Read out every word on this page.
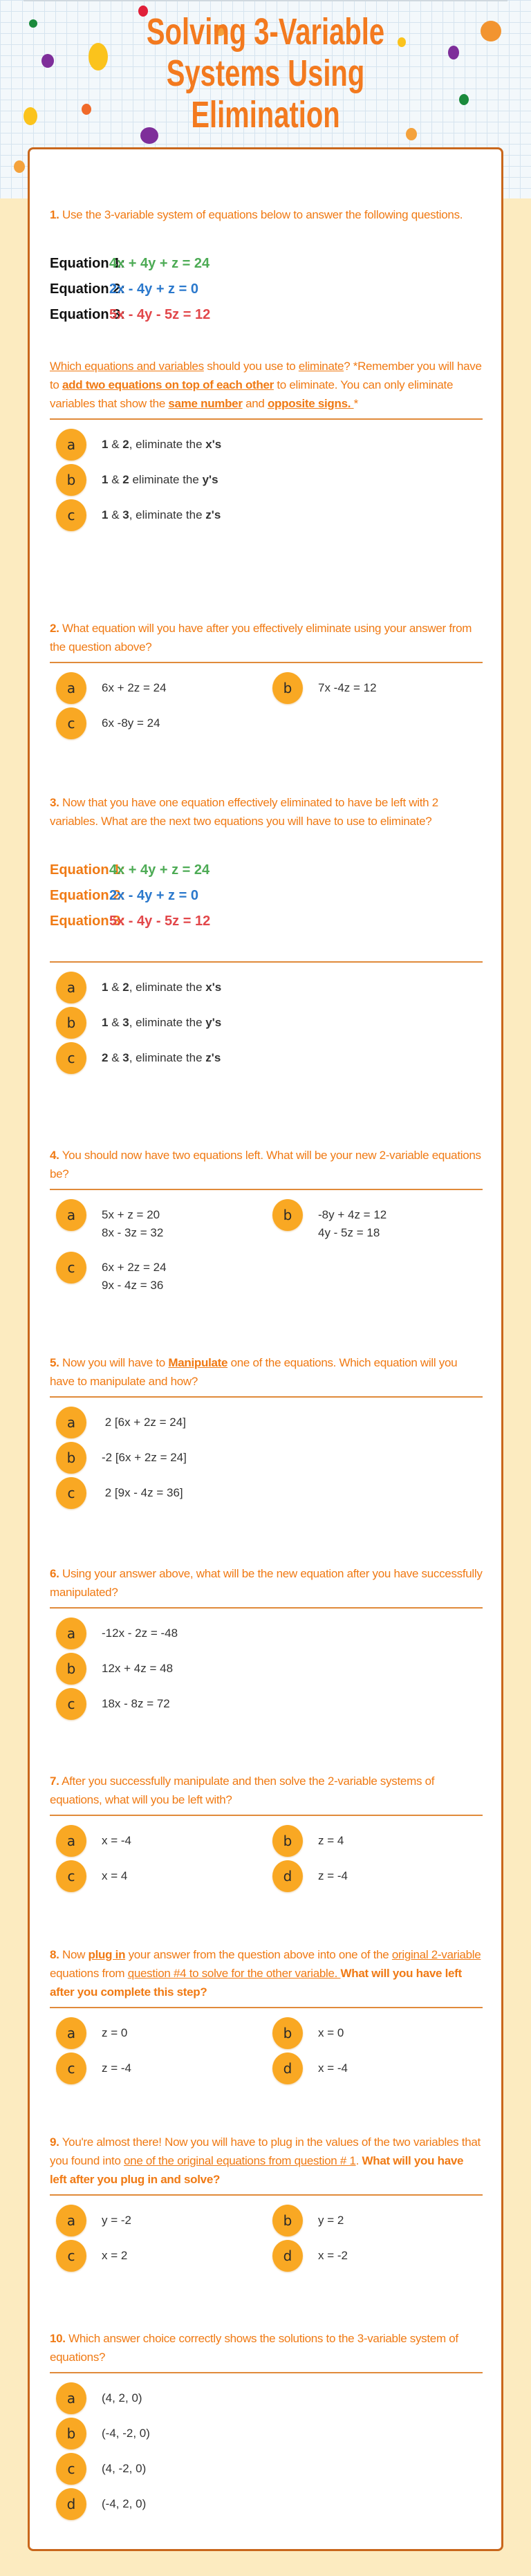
Solving 3-Variable
Systems Using
Elimination
1. Use the 3-variable system of equations below to answer the following questions.
Equation 1:4x + 4y + z = 24
Equation 2:2x - 4y + z = 0
Equation 3:5x - 4y - 5z = 12
Which equations and variables should you use to eliminate? *Remember you will have to add two equations on top of each other to eliminate. You can only eliminate variables that show the same number and opposite signs. *
a	1 & 2, eliminate the x's
b	1 & 2 eliminate the y's
c	1 & 3, eliminate the z's
2. What equation will you have after you effectively eliminate using your answer from the question above?
a	6x + 2z = 24	b	7x -4z = 12
c	6x -8y = 24
3. Now that you have one equation effectively eliminated to have be left with 2 variables. What are the next two equations you will have to use to eliminate?
Equation 1:4x + 4y + z = 24
Equation 2:2x - 4y + z = 0
Equation 3:5x - 4y - 5z = 12
a	1 & 2, eliminate the x's
b	1 & 3, eliminate the y's
c	2 & 3, eliminate the z's
4. You should now have two equations left. What will be your new 2-variable equations be?
a	5x + z = 20
8x - 3z = 32
b	-8y + 4z = 12
4y - 5z = 18
c	6x + 2z = 24
9x - 4z = 36
5. Now you will have to Manipulate one of the equations. Which equation will you have to manipulate and how?
a	2 [6x + 2z = 24]
b	-2 [6x + 2z = 24]
c	2 [9x - 4z = 36]
6. Using your answer above, what will be the new equation after you have successfully manipulated?
a	-12x - 2z = -48
b	12x + 4z = 48
c	18x - 8z = 72
7. After you successfully manipulate and then solve the 2-variable systems of equations, what will you be left with?
a	x = -4	b	z = 4
c	x = 4	d	z = -4
8. Now plug in your answer from the question above into one of the original 2-variable equations from question #4 to solve for the other variable. What will you have left after you complete this step?
a	z = 0	b	x = 0
c	z = -4	d	x = -4
9. You're almost there! Now you will have to plug in the values of the two variables that you found into one of the original equations from question # 1. What will you have left after you plug in and solve?
a	y = -2	b	y = 2
c	x = 2	d	x = -2
10. Which answer choice correctly shows the solutions to the 3-variable system of equations?
a	(4, 2, 0)
b	(-4, -2, 0)
c	(4, -2, 0)
d	(-4, 2, 0)
